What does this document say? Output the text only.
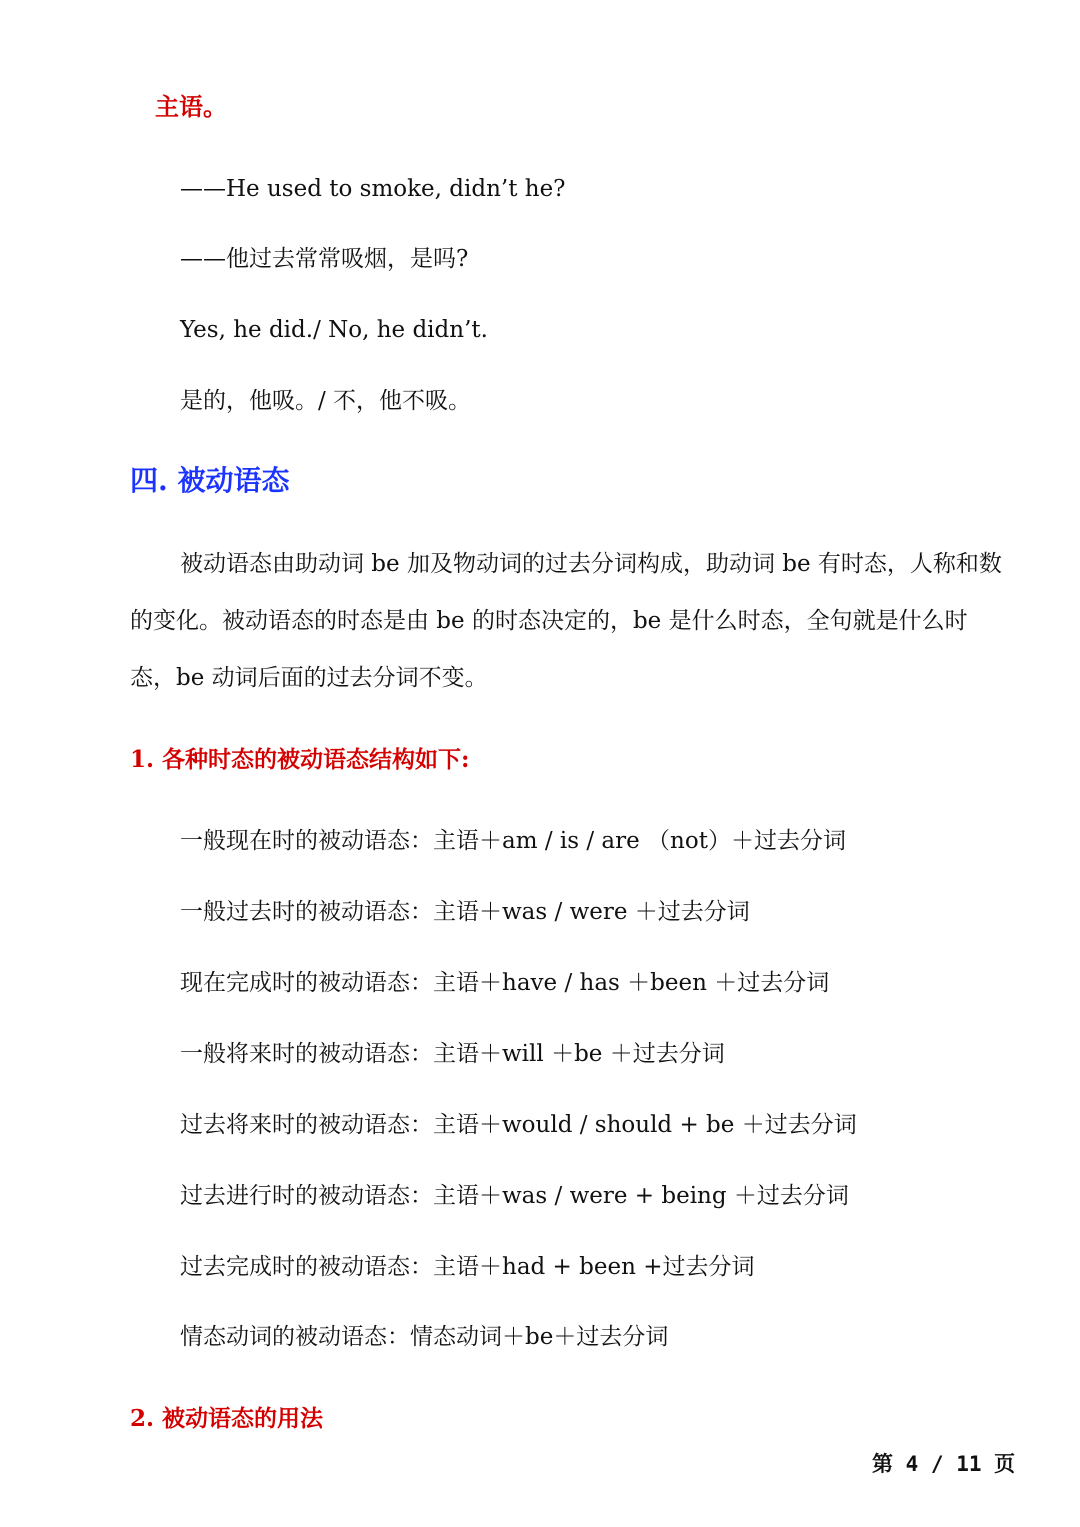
主语。
——He used to smoke, didn’t he?
——他过去常常吸烟，是吗?
Yes, he did./ No, he didn’t.
是的，他吸。/ 不，他不吸。
四. 被动语态
被动语态由助动词 be 加及物动词的过去分词构成，助动词 be 有时态，人称和数的变化。被动语态的时态是由 be 的时态决定的，be 是什么时态，全句就是什么时态，be 动词后面的过去分词不变。
1. 各种时态的被动语态结构如下:
一般现在时的被动语态：主语＋am / is / are （not）＋过去分词
一般过去时的被动语态：主语＋was / were ＋过去分词
现在完成时的被动语态：主语＋have / has ＋been ＋过去分词
一般将来时的被动语态：主语＋will ＋be ＋过去分词
过去将来时的被动语态：主语＋would / should + be ＋过去分词
过去进行时的被动语态：主语＋was / were + being ＋过去分词
过去完成时的被动语态：主语＋had + been +过去分词
情态动词的被动语态：情态动词＋be＋过去分词
2. 被动语态的用法
第 4 / 11 页
